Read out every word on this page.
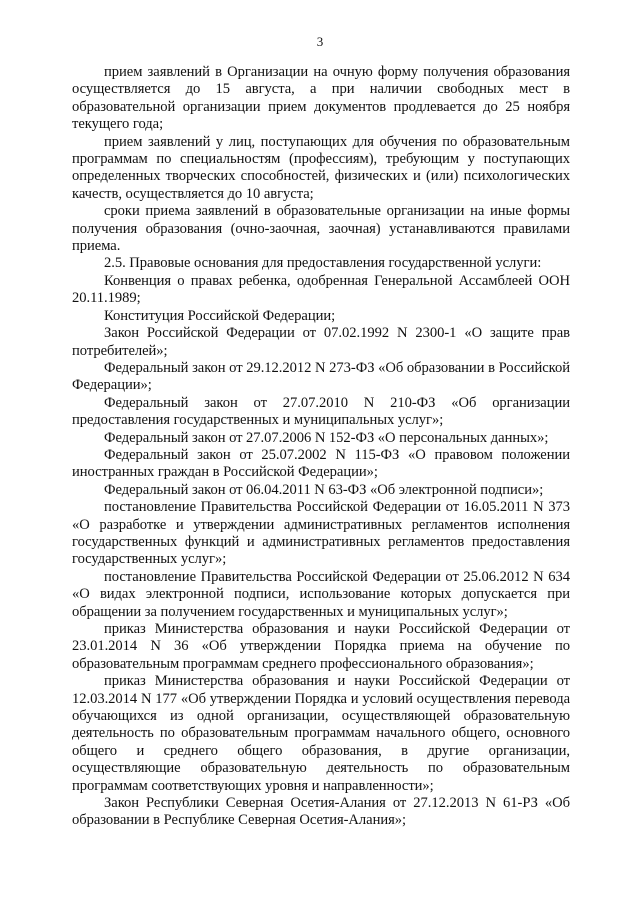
3

прием заявлений в Организации на очную форму получения образования осуществляется до 15 августа, а при наличии свободных мест в образовательной организации прием документов продлевается до 25 ноября текущего года;

прием заявлений у лиц, поступающих для обучения по образовательным программам по специальностям (профессиям), требующим у поступающих определенных творческих способностей, физических и (или) психологических качеств, осуществляется до 10 августа;

сроки приема заявлений в образовательные организации на иные формы получения образования (очно-заочная, заочная) устанавливаются правилами приема.

2.5. Правовые основания для предоставления государственной услуги:

Конвенция о правах ребенка, одобренная Генеральной Ассамблеей ООН 20.11.1989;

Конституция Российской Федерации;

Закон Российской Федерации от 07.02.1992 N 2300-1 «О защите прав потребителей»;

Федеральный закон от 29.12.2012 N 273-ФЗ «Об образовании в Российской Федерации»;

Федеральный закон от 27.07.2010 N 210-ФЗ «Об организации предоставления государственных и муниципальных услуг»;

Федеральный закон от 27.07.2006 N 152-ФЗ «О персональных данных»;

Федеральный закон от 25.07.2002 N 115-ФЗ «О правовом положении иностранных граждан в Российской Федерации»;

Федеральный закон от 06.04.2011 N 63-ФЗ «Об электронной подписи»;

постановление Правительства Российской Федерации от 16.05.2011 N 373 «О разработке и утверждении административных регламентов исполнения государственных функций и административных регламентов предоставления государственных услуг»;

постановление Правительства Российской Федерации от 25.06.2012 N 634 «О видах электронной подписи, использование которых допускается при обращении за получением государственных и муниципальных услуг»;

приказ Министерства образования и науки Российской Федерации от 23.01.2014 N 36 «Об утверждении Порядка приема на обучение по образовательным программам среднего профессионального образования»;

приказ Министерства образования и науки Российской Федерации от 12.03.2014 N 177 «Об утверждении Порядка и условий осуществления перевода обучающихся из одной организации, осуществляющей образовательную деятельность по образовательным программам начального общего, основного общего и среднего общего образования, в другие организации, осуществляющие образовательную деятельность по образовательным программам соответствующих уровня и направленности»;

Закон Республики Северная Осетия-Алания от 27.12.2013 N 61-РЗ «Об образовании в Республике Северная Осетия-Алания»;
